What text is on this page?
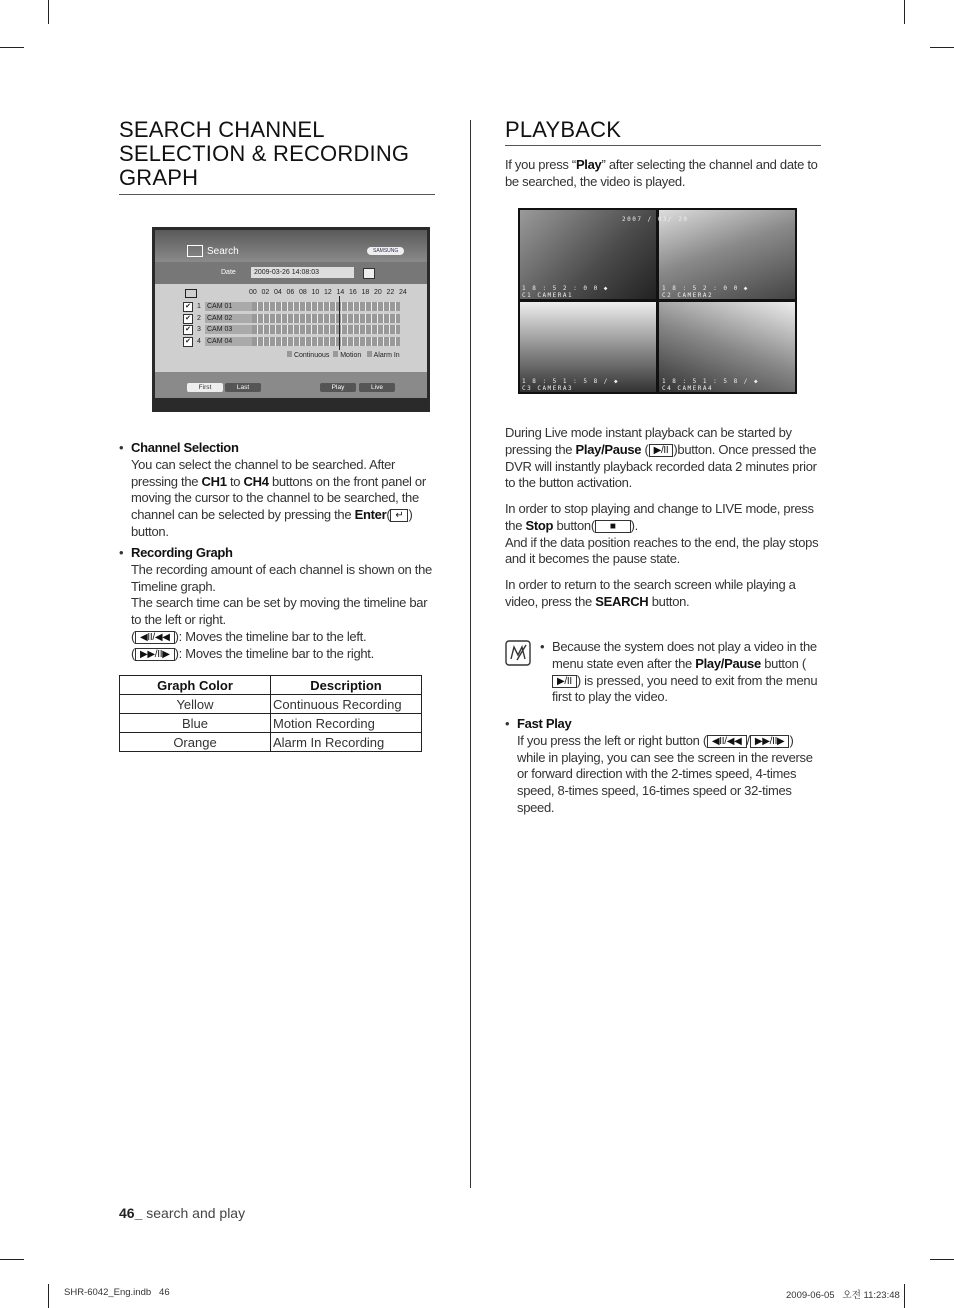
SEARCH CHANNEL
SELECTION & RECORDING
GRAPH
Search	SAMSUNG
Date	2009-03-26 14:08:03
00 02 04 06 08 10 12 14 16 18 20 22 24
✔ 1 CAM 01
✔ 2 CAM 02
✔ 3 CAM 03
✔ 4 CAM 04
Continuous Motion Alarm In
First	Last	Play	Live
• Channel Selection
You can select the channel to be searched. After pressing the CH1 to CH4 buttons on the front panel or moving the cursor to the channel to be searched, the channel can be selected by pressing the Enter( ↵ ) button.
• Recording Graph
The recording amount of each channel is shown on the Timeline graph.
The search time can be set by moving the timeline bar to the left or right.
( ◀II/◀◀ ): Moves the timeline bar to the left.
( ▶▶/II▶ ): Moves the timeline bar to the right.
Graph Color	Description
Yellow	Continuous Recording
Blue	Motion Recording
Orange	Alarm In Recording
PLAYBACK

If you press “Play” after selecting the channel and date to be searched, the video is played.

2007 / 03/ 20
1 8 : 5 2 : 0 0 ◆
C1 CAMERA1
1 8 : 5 2 : 0 0 ◆
C2 CAMERA2
1 8 : 5 1 : 5 8 / ◆
C3 CAMERA3
1 8 : 5 1 : 5 8 / ◆
C4 CAMERA4

During Live mode instant playback can be started by pressing the Play/Pause ( ▶/II )button. Once pressed the DVR will instantly playback recorded data 2 minutes prior to the button activation.

In order to stop playing and change to LIVE mode, press the Stop button( ■ ).
And if the data position reaches to the end, the play stops and it becomes the pause state.

In order to return to the search screen while playing a video, press the SEARCH button.

• Because the system does not play a video in the menu state even after the Play/Pause button (▶/II ) is pressed, you need to exit from the menu first to play the video.
• Fast Play
If you press the left or right button ( ◀II/◀◀ / ▶▶/II▶ ) while in playing, you can see the screen in the reverse or forward direction with the 2-times speed, 4-times speed, 8-times speed, 16-times speed or 32-times speed.
46_ search and play
SHR-6042_Eng.indb   46	2009-06-05   오전 11:23:48
